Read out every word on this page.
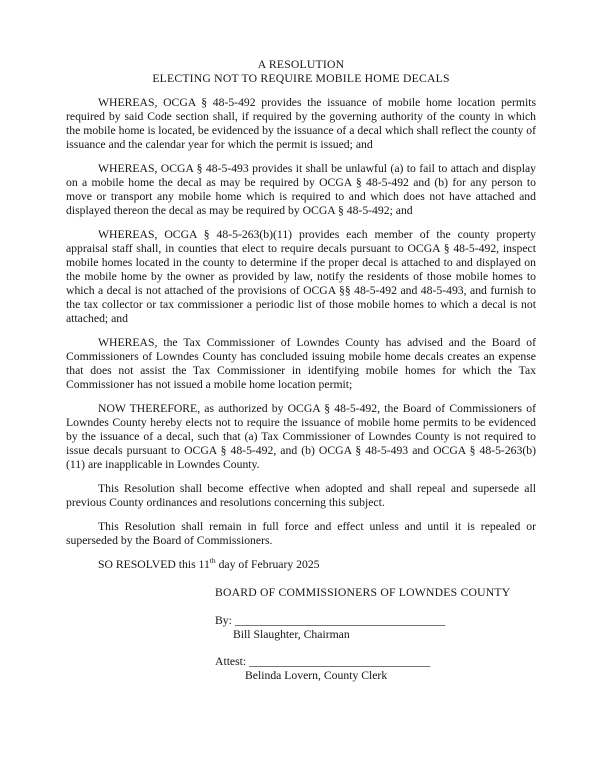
A RESOLUTION
ELECTING NOT TO REQUIRE MOBILE HOME DECALS

WHEREAS, OCGA § 48-5-492 provides the issuance of mobile home location permits required by said Code section shall, if required by the governing authority of the county in which the mobile home is located, be evidenced by the issuance of a decal which shall reflect the county of issuance and the calendar year for which the permit is issued; and

WHEREAS, OCGA § 48-5-493 provides it shall be unlawful (a) to fail to attach and display on a mobile home the decal as may be required by OCGA § 48-5-492 and (b) for any person to move or transport any mobile home which is required to and which does not have attached and displayed thereon the decal as may be required by OCGA § 48-5-492; and

WHEREAS, OCGA § 48-5-263(b)(11) provides each member of the county property appraisal staff shall, in counties that elect to require decals pursuant to OCGA § 48-5-492, inspect mobile homes located in the county to determine if the proper decal is attached to and displayed on the mobile home by the owner as provided by law, notify the residents of those mobile homes to which a decal is not attached of the provisions of OCGA §§ 48-5-492 and 48-5-493, and furnish to the tax collector or tax commissioner a periodic list of those mobile homes to which a decal is not attached; and

WHEREAS, the Tax Commissioner of Lowndes County has advised and the Board of Commissioners of Lowndes County has concluded issuing mobile home decals creates an expense that does not assist the Tax Commissioner in identifying mobile homes for which the Tax Commissioner has not issued a mobile home location permit;

NOW THEREFORE, as authorized by OCGA § 48-5-492, the Board of Commissioners of Lowndes County hereby elects not to require the issuance of mobile home permits to be evidenced by the issuance of a decal, such that (a) Tax Commissioner of Lowndes County is not required to issue decals pursuant to OCGA § 48-5-492, and (b) OCGA § 48-5-493 and OCGA § 48-5-263(b)(11) are inapplicable in Lowndes County.

This Resolution shall become effective when adopted and shall repeal and supersede all previous County ordinances and resolutions concerning this subject.

This Resolution shall remain in full force and effect unless and until it is repealed or superseded by the Board of Commissioners.

SO RESOLVED this 11th day of February 2025

BOARD OF COMMISSIONERS OF LOWNDES COUNTY
By: ____________________________________
Bill Slaughter, Chairman
Attest: _______________________________
Belinda Lovern, County Clerk
